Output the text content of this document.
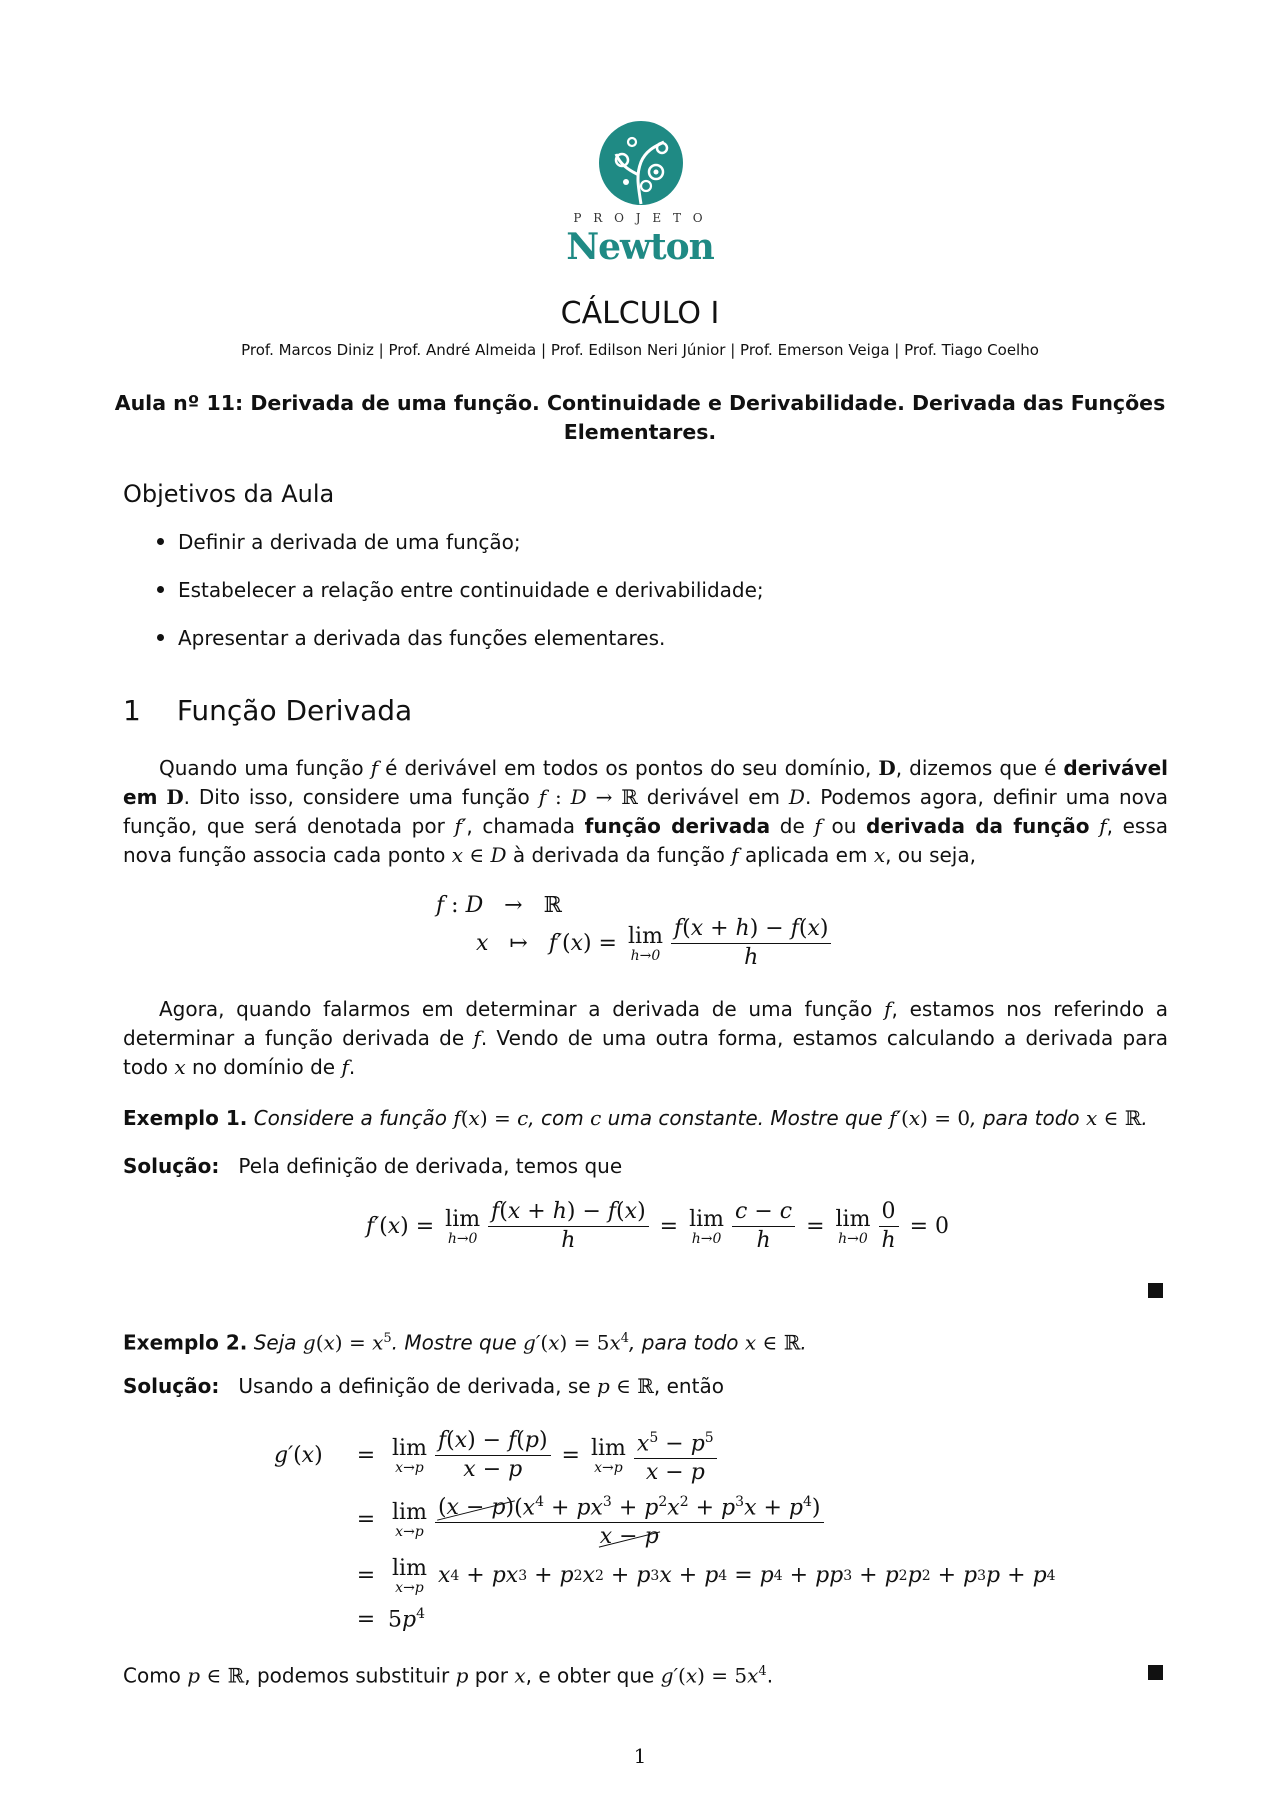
P R O J E T O
Newton
CÁLCULO I
Prof. Marcos Diniz | Prof. André Almeida | Prof. Edilson Neri Júnior | Prof. Emerson Veiga | Prof. Tiago Coelho
Aula nº 11: Derivada de uma função. Continuidade e Derivabilidade. Derivada das Funções
Elementares.
Objetivos da Aula
Definir a derivada de uma função;
Estabelecer a relação entre continuidade e derivabilidade;
Apresentar a derivada das funções elementares.
1 Função Derivada
Quando uma função f é derivável em todos os pontos do seu domínio, D, dizemos que é derivável em D. Dito isso, considere uma função f : D → ℝ derivável em D. Podemos agora, definir uma nova função, que será denotada por f′, chamada função derivada de f ou derivada da função f, essa nova função associa cada ponto x ∈ D à derivada da função f aplicada em x, ou seja,
f : D   →   ℝ
x ↦ f′ ( x ) = lim
$h\to 0 \frac{f(x + h) - f(x)}{h}$
Agora, quando falarmos em determinar a derivada de uma função f, estamos nos referindo a determinar a função derivada de f. Vendo de uma outra forma, estamos calculando a derivada para todo x no domínio de f.
Exemplo 1. Considere a função f(x) = c, com c uma constante. Mostre que f′(x) = 0, para todo x ∈ ℝ.
Solução: Pela definição de derivada, temos que
f′ ( x ) = lim
$h\to 0 \frac{f(x + h) - f(x)}{h} = \lim$
$h\to 0 \frac{c - c}{h} = \lim$
$h\to 0 \frac{0}{h} = 0$
Exemplo 2. Seja $g(x) = x^5$. Mostre que $g'(x) = 5x^4$, para todo x ∈ ℝ.
Solução: Usando a definição de derivada, se p ∈ ℝ, então
g′(x)	= lim
$x\to p \frac{f(x) - f(p)}{x - p} = \lim$
$x\to p \frac{x^5 - p^5}{x - p}$
= lim
$x\to p \frac{(x - p)(x^4 + px^3 + p^2x^2 + p^3x + p^4)}{x - p}$
= lim
x→p
x 4 + px 3 + p 2 x 2 + p 3 x + p 4 = p 4 + pp 3 + p 2 p 2 + p 3 p + p 4
= $5p^4$
Como p ∈ ℝ, podemos substituir p por x, e obter que $g'(x) = 5x^4$.
1
